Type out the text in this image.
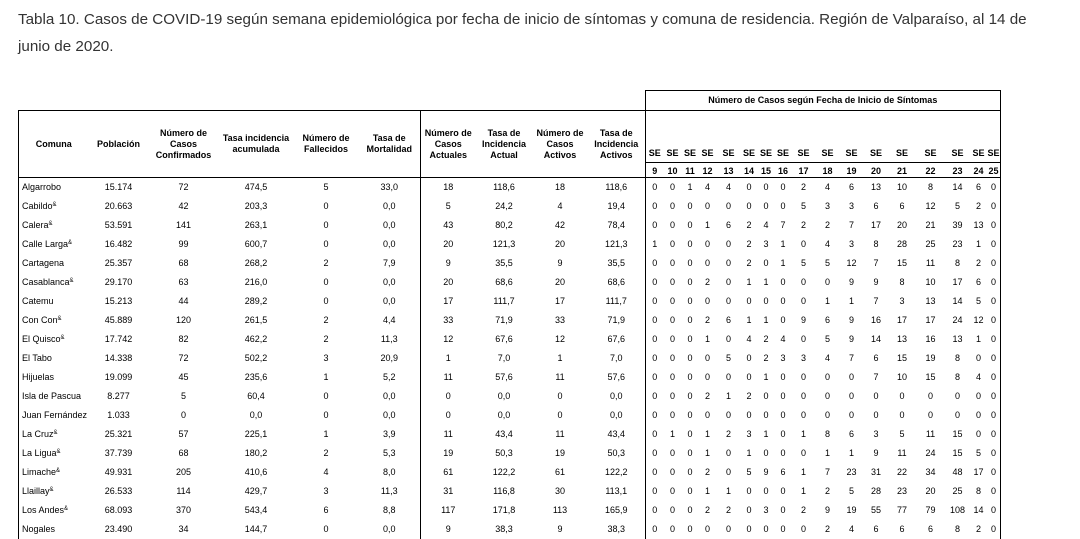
Tabla 10. Casos de COVID-19 según semana epidemiológica por fecha de inicio de síntomas y comuna de residencia. Región de Valparaíso, al 14 de junio de 2020.
										Número de Casos según Fecha de Inicio de Síntomas																
Comuna	Población	Número de Casos Confirmados	Tasa incidencia acumulada	Número de Fallecidos	Tasa de Mortalidad	Número de Casos Actuales	Tasa de Incidencia Actual	Número de Casos Activos	Tasa de Incidencia Activos	SE	SE	SE	SE	SE	SE	SE	SE	SE	SE	SE	SE	SE	SE	SE	SE	SE
										9	10	11	12	13	14	15	16	17	18	19	20	21	22	23	24	25
Algarrobo	15.174	72	474,5	5	33,0	18	118,6	18	118,6	0	0	1	4	4	0	0	0	2	4	6	13	10	8	14	6	0
Cabildo&	20.663	42	203,3	0	0,0	5	24,2	4	19,4	0	0	0	0	0	0	0	0	5	3	3	6	6	12	5	2	0
Calera&	53.591	141	263,1	0	0,0	43	80,2	42	78,4	0	0	0	1	6	2	4	7	2	2	7	17	20	21	39	13	0
Calle Larga&	16.482	99	600,7	0	0,0	20	121,3	20	121,3	1	0	0	0	0	2	3	1	0	4	3	8	28	25	23	1	0
Cartagena	25.357	68	268,2	2	7,9	9	35,5	9	35,5	0	0	0	0	0	2	0	1	5	5	12	7	15	11	8	2	0
Casablanca&	29.170	63	216,0	0	0,0	20	68,6	20	68,6	0	0	0	2	0	1	1	0	0	0	9	9	8	10	17	6	0
Catemu	15.213	44	289,2	0	0,0	17	111,7	17	111,7	0	0	0	0	0	0	0	0	0	1	1	7	3	13	14	5	0
Con Con&	45.889	120	261,5	2	4,4	33	71,9	33	71,9	0	0	0	2	6	1	1	0	9	6	9	16	17	17	24	12	0
El Quisco&	17.742	82	462,2	2	11,3	12	67,6	12	67,6	0	0	0	1	0	4	2	4	0	5	9	14	13	16	13	1	0
El Tabo	14.338	72	502,2	3	20,9	1	7,0	1	7,0	0	0	0	0	5	0	2	3	3	4	7	6	15	19	8	0	0
Hijuelas	19.099	45	235,6	1	5,2	11	57,6	11	57,6	0	0	0	0	0	0	1	0	0	0	0	7	10	15	8	4	0
Isla de Pascua	8.277	5	60,4	0	0,0	0	0,0	0	0,0	0	0	0	2	1	2	0	0	0	0	0	0	0	0	0	0	0
Juan Fernández	1.033	0	0,0	0	0,0	0	0,0	0	0,0	0	0	0	0	0	0	0	0	0	0	0	0	0	0	0	0	0
La Cruz&	25.321	57	225,1	1	3,9	11	43,4	11	43,4	0	1	0	1	2	3	1	0	1	8	6	3	5	11	15	0	0
La Ligua&	37.739	68	180,2	2	5,3	19	50,3	19	50,3	0	0	0	1	0	1	0	0	0	1	1	9	11	24	15	5	0
Limache&	49.931	205	410,6	4	8,0	61	122,2	61	122,2	0	0	0	2	0	5	9	6	1	7	23	31	22	34	48	17	0
Llaillay&	26.533	114	429,7	3	11,3	31	116,8	30	113,1	0	0	0	1	1	0	0	0	1	2	5	28	23	20	25	8	0
Los Andes&	68.093	370	543,4	6	8,8	117	171,8	113	165,9	0	0	0	2	2	0	3	0	2	9	19	55	77	79	108	14	0
Nogales	23.490	34	144,7	0	0,0	9	38,3	9	38,3	0	0	0	0	0	0	0	0	0	2	4	6	6	6	8	2	0
